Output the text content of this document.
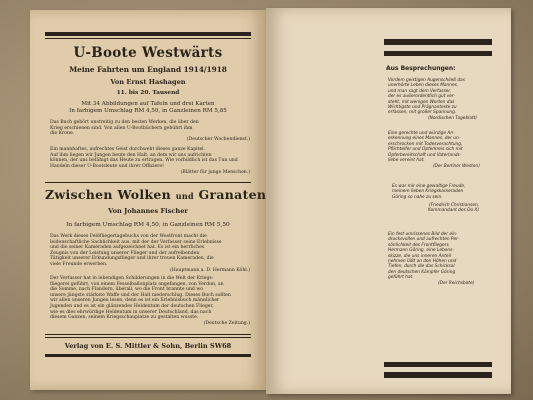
U-Boote Westwärts
Meine Fahrten um England 1914/1918
Von Ernst Hashagen
11. bis 20. Tausend
Mit 34 Abbildungen auf Tafeln und drei Karten
In farbigem Umschlag RM 4,50, in Ganzleinen RM 5,85
Das Buch gehört unstreitig zu den besten Werken, die über den
Krieg erschienen sind. Von allen U-Bootbüchern gebührt ihm
die Krone.
(Deutscher Wochendienst.)
Ein mannhaftes, aufrechtes Geist durchweht dieses ganze Kapitel.
Auf ihm liegen wir Jungen heute den Halt, an dem wir uns aufrichten
können, der uns befähigt das Heute zu ertragen. Wie vorbildlich ist das Tun und
Handeln dieser U-Bootsleute und ihrer Offiziere!
(Blätter für junge Menschen.)
Zwischen Wolken und Granaten
Von Johannes Fischer
In farbigem Umschlag RM 4,50, in Ganzleinen RM 5,50
Das Werk dieses Feldfliegertagebuchs von der Westfront macht die
leidenschaftliche Sachlichkeit aus, mit der der Verfasser seine Erlebnisse
und die seiner Kameraden aufgezeichnet hat. Es ist ein herrliches
Zeugnis von der Leistung unserer Flieger und der aufreibenden
Tätigkeit unserer Erkundungsflieger und ihrer treuen Kameraden, die
viele Freunde erwerben.
(Hauptmann a. D. Hermann Köhl.)
Der Verfasser hat in lebendigen Schilderungen in die Welt der Kriegs-
fliegerei geführt, von einem Fesselballonplatz angefangen, von Verdun, an
die Somme, nach Flandern, überall, wo die Front brannte und wo
unsere jüngste stärkste Waffe und der Halt niederschlug. Dieses Buch sollten
wir allen unseren Jungen lesen, denn es ist ein Erlebnisbuch männlicher
Jugenden und es ist ein glänzendes Heldentum der deutschen Flieger,
wie es dies ehrwürdige Heldentum in unserer Deutschland, das nach
diesem Ganzen, seinem Kriegsschauplatze zu gestalten wusste.
(Deutsche Zeitung.)
Verlag von E. S. Mittler & Sohn, Berlin SW68
Aus Besprechungen:
Vordem geistigen Augenschließ das
unerhörte Leben dieses Mannes,
und man sagt dem Verfasser,
der es außerordentlich gut ver-
steht, mit wenigen Worten das
Wichtigste und Prägnanteste zu
erfassen, mit großer Spannung.
(Nordischen Tageblatt)
Eine gerechte und würdige An-
erkennung eines Mannes, der un-
erschrocken mit Todesverachtung,
Pflichteifer und Opferkreis sich mit
Opferbereitschaft und Vaterlands-
liebe vereint hat.
(Der Berliner Westen)
Es war mir eine gewaltige Freude,
meinem lieben Kriegskameraden
Göring so nahe zu sein.
(Friedrich Christiansen,
Kommandant des Do X)
Ein fest umrissenes Bild der ein-
drucksvollen und aufrechten Per-
sönlichkeit des Frontfliegers
Hermann Göring, eine Lebens-
skizze, die uns inneren Anteil
nehmen läßt an den Höhen und
Tiefen, durch die das Schicksal
den deutschen Kämpfer Göring
geführt hat.
(Der Reichsbote)
